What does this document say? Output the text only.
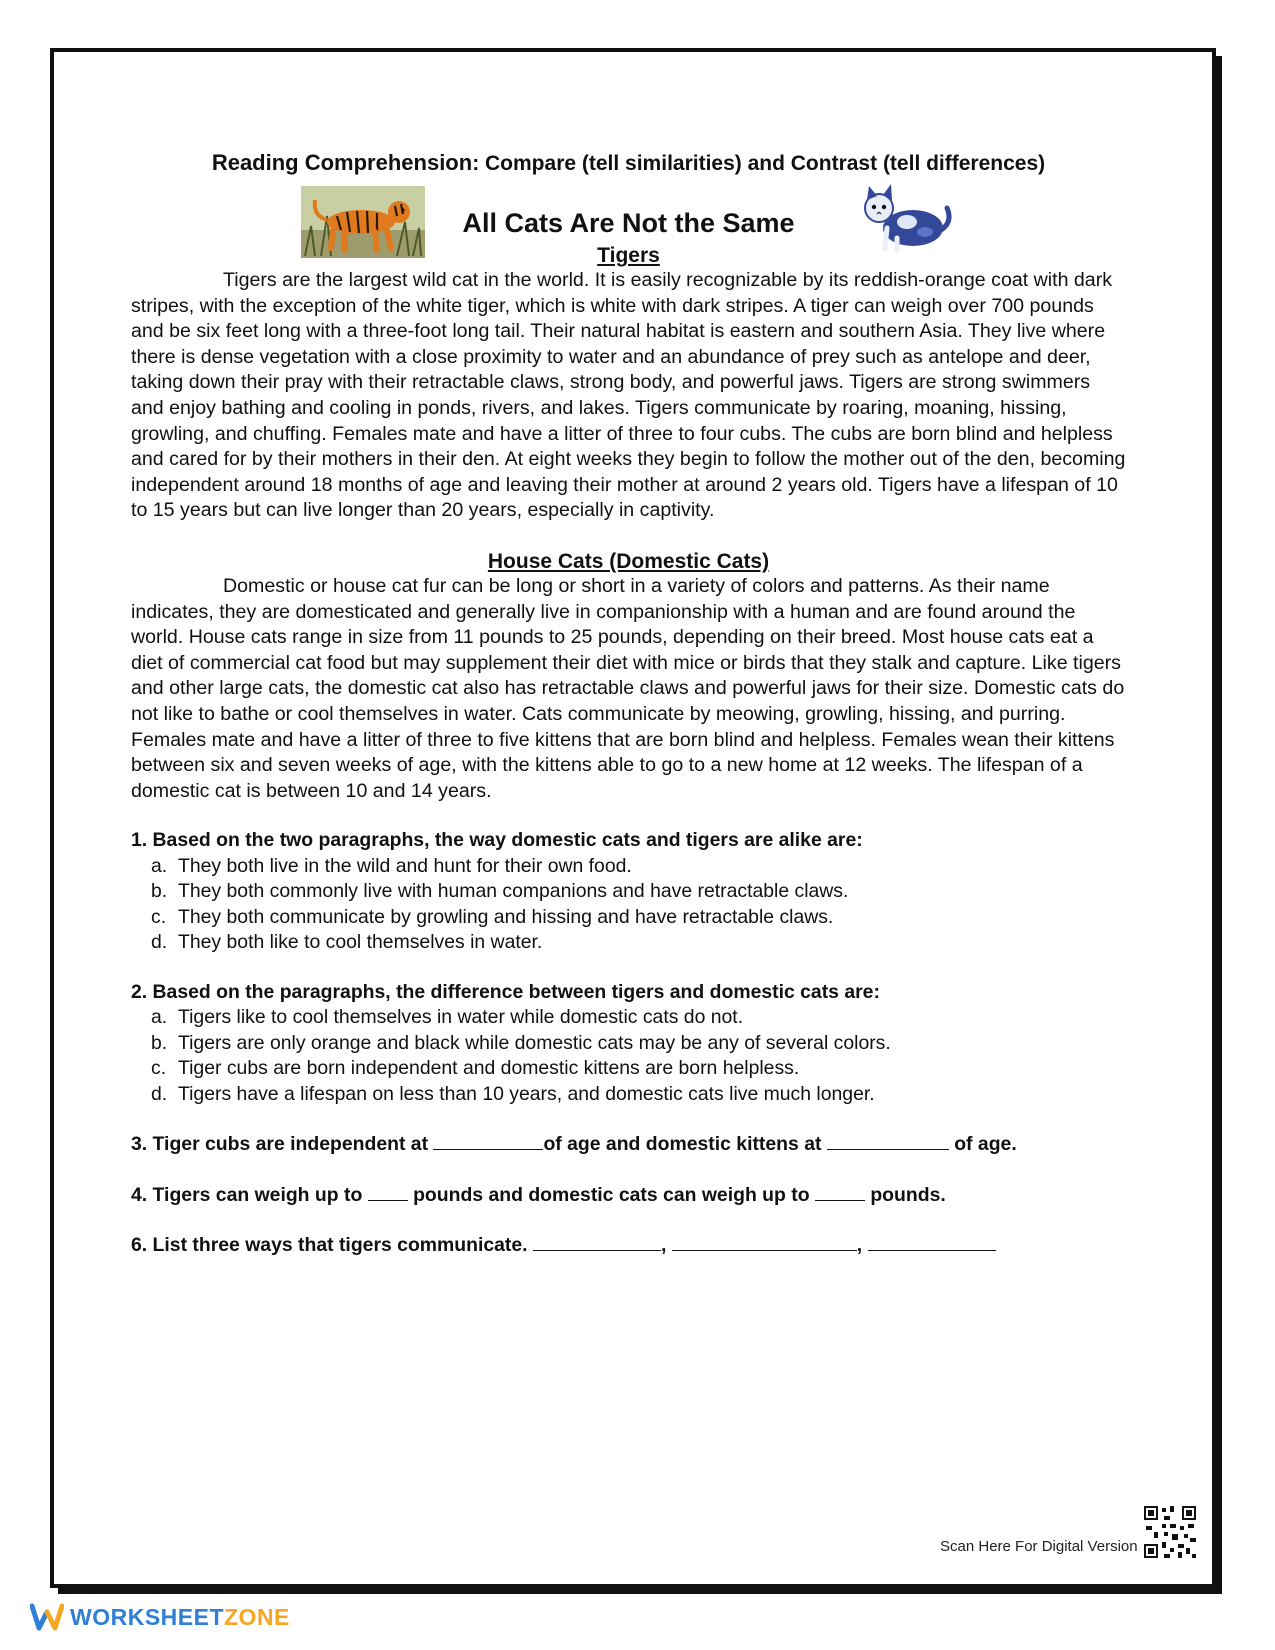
Reading Comprehension: Compare (tell similarities) and Contrast (tell differences)
All Cats Are Not the Same
Tigers

Tigers are the largest wild cat in the world. It is easily recognizable by its reddish-orange coat with dark stripes, with the exception of the white tiger, which is white with dark stripes. A tiger can weigh over 700 pounds and be six feet long with a three-foot long tail. Their natural habitat is eastern and southern Asia. They live where there is dense vegetation with a close proximity to water and an abundance of prey such as antelope and deer, taking down their pray with their retractable claws, strong body, and powerful jaws. Tigers are strong swimmers and enjoy bathing and cooling in ponds, rivers, and lakes. Tigers communicate by roaring, moaning, hissing, growling, and chuffing. Females mate and have a litter of three to four cubs. The cubs are born blind and helpless and cared for by their mothers in their den. At eight weeks they begin to follow the mother out of the den, becoming independent around 18 months of age and leaving their mother at around 2 years old. Tigers have a lifespan of 10 to 15 years but can live longer than 20 years, especially in captivity.

House Cats (Domestic Cats)

Domestic or house cat fur can be long or short in a variety of colors and patterns. As their name indicates, they are domesticated and generally live in companionship with a human and are found around the world. House cats range in size from 11 pounds to 25 pounds, depending on their breed. Most house cats eat a diet of commercial cat food but may supplement their diet with mice or birds that they stalk and capture. Like tigers and other large cats, the domestic cat also has retractable claws and powerful jaws for their size. Domestic cats do not like to bathe or cool themselves in water. Cats communicate by meowing, growling, hissing, and purring. Females mate and have a litter of three to five kittens that are born blind and helpless. Females wean their kittens between six and seven weeks of age, with the kittens able to go to a new home at 12 weeks. The lifespan of a domestic cat is between 10 and 14 years.

1. Based on the two paragraphs, the way domestic cats and tigers are alike are:

a. They both live in the wild and hunt for their own food.
b. They both commonly live with human companions and have retractable claws.
c. They both communicate by growling and hissing and have retractable claws.
d. They both like to cool themselves in water.

2. Based on the paragraphs, the difference between tigers and domestic cats are:

a. Tigers like to cool themselves in water while domestic cats do not.
b. Tigers are only orange and black while domestic cats may be any of several colors.
c. Tiger cubs are born independent and domestic kittens are born helpless.
d. Tigers have a lifespan on less than 10 years, and domestic cats live much longer.
3. Tiger cubs are independent at	of age and domestic kittens at	of age.
4. Tigers can weigh up to  pounds and domestic cats can weigh up to	pounds.
6. List three ways that tigers communicate.	,	,
WORKSHEETZONE
Scan Here For Digital Version
